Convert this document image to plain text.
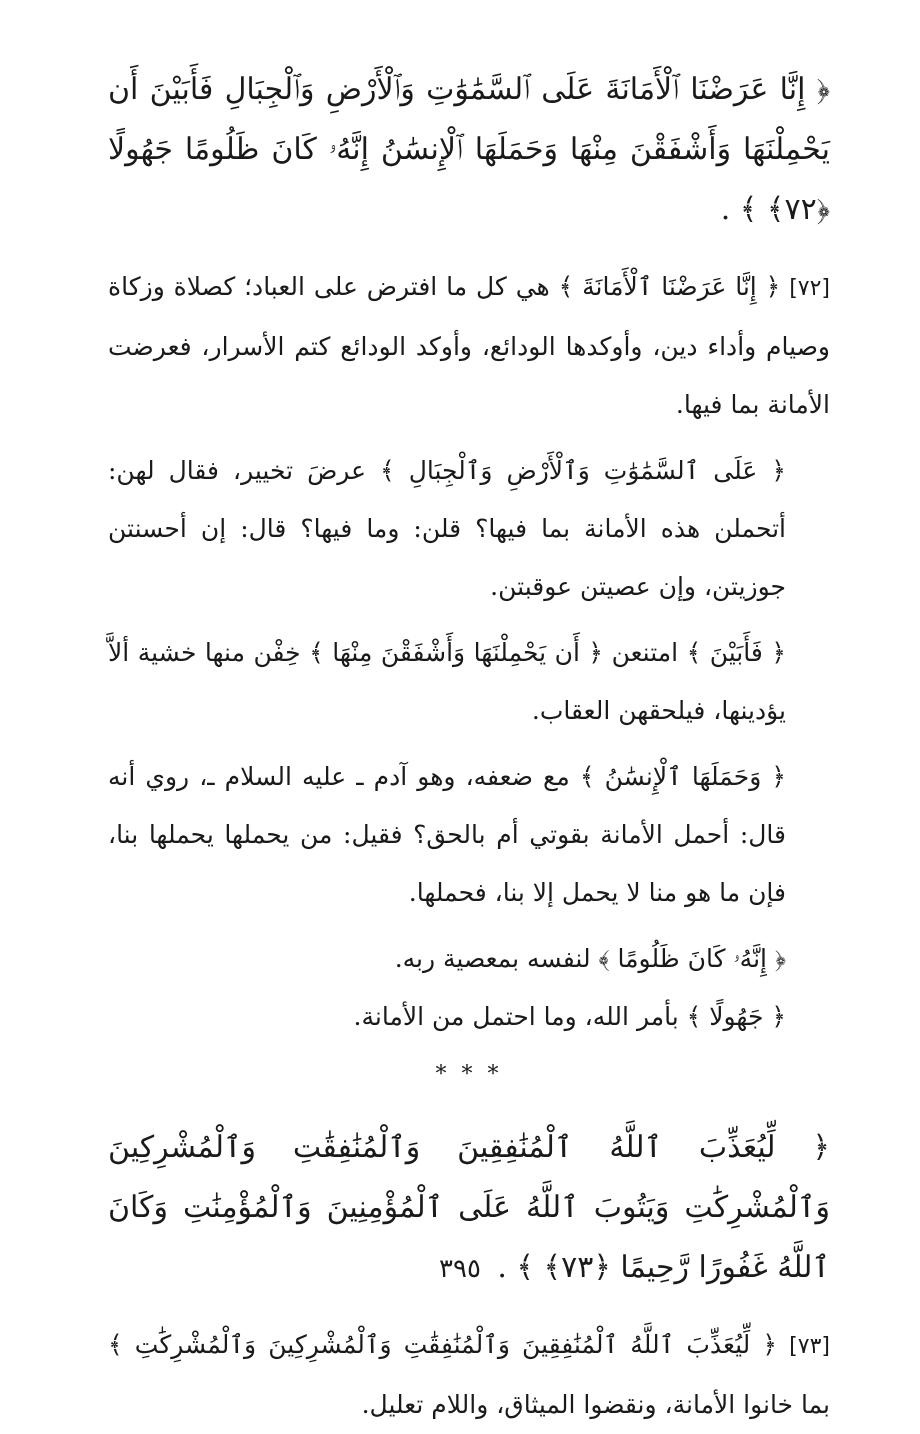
﴿ إِنَّا عَرَضْنَا ٱلْأَمَانَةَ عَلَى ٱلسَّمَٰوَٰتِ وَٱلْأَرْضِ وَٱلْجِبَالِ فَأَبَيْنَ أَن يَحْمِلْنَهَا وَأَشْفَقْنَ مِنْهَا وَحَمَلَهَا ٱلْإِنسَٰنُ إِنَّهُۥ كَانَ ظَلُومًا جَهُولًا ﴿٧٢﴾ ﴾ .

[٧٢] ﴿ إِنَّا عَرَضْنَا ٱلْأَمَانَةَ ﴾ هي كل ما افترض على العباد؛ كصلاة وزكاة وصيام وأداء دين، وأوكدها الودائع، وأوكد الودائع كتم الأسرار، فعرضت الأمانة بما فيها.

﴿ عَلَى ٱلسَّمَٰوَٰتِ وَٱلْأَرْضِ وَٱلْجِبَالِ ﴾ عرضَ تخيير، فقال لهن: أتحملن هذه الأمانة بما فيها؟ قلن: وما فيها؟ قال: إن أحسنتن جوزيتن، وإن عصيتن عوقبتن.

﴿ فَأَبَيْنَ ﴾ امتنعن ﴿ أَن يَحْمِلْنَهَا وَأَشْفَقْنَ مِنْهَا ﴾ خِفْن منها خشية ألاَّ يؤدينها، فيلحقهن العقاب.

﴿ وَحَمَلَهَا ٱلْإِنسَٰنُ ﴾ مع ضعفه، وهو آدم ـ عليه السلام ـ، روي أنه قال: أحمل الأمانة بقوتي أم بالحق؟ فقيل: من يحملها يحملها بنا، فإن ما هو منا لا يحمل إلا بنا، فحملها.

﴿ إِنَّهُۥ كَانَ ظَلُومًا ﴾ لنفسه بمعصية ربه.

﴿ جَهُولًا ﴾ بأمر الله، وما احتمل من الأمانة.

* * *

﴿ لِّيُعَذِّبَ ٱللَّهُ ٱلْمُنَٰفِقِينَ وَٱلْمُنَٰفِقَٰتِ وَٱلْمُشْرِكِينَ وَٱلْمُشْرِكَٰتِ وَيَتُوبَ ٱللَّهُ عَلَى ٱلْمُؤْمِنِينَ وَٱلْمُؤْمِنَٰتِ وَكَانَ ٱللَّهُ غَفُورًا رَّحِيمًا ﴿٧٣﴾ ﴾ .

[٧٣] ﴿ لِّيُعَذِّبَ ٱللَّهُ ٱلْمُنَٰفِقِينَ وَٱلْمُنَٰفِقَٰتِ وَٱلْمُشْرِكِينَ وَٱلْمُشْرِكَٰتِ ﴾ بما خانوا الأمانة، ونقضوا الميثاق، واللام تعليل.

٣٩٥
